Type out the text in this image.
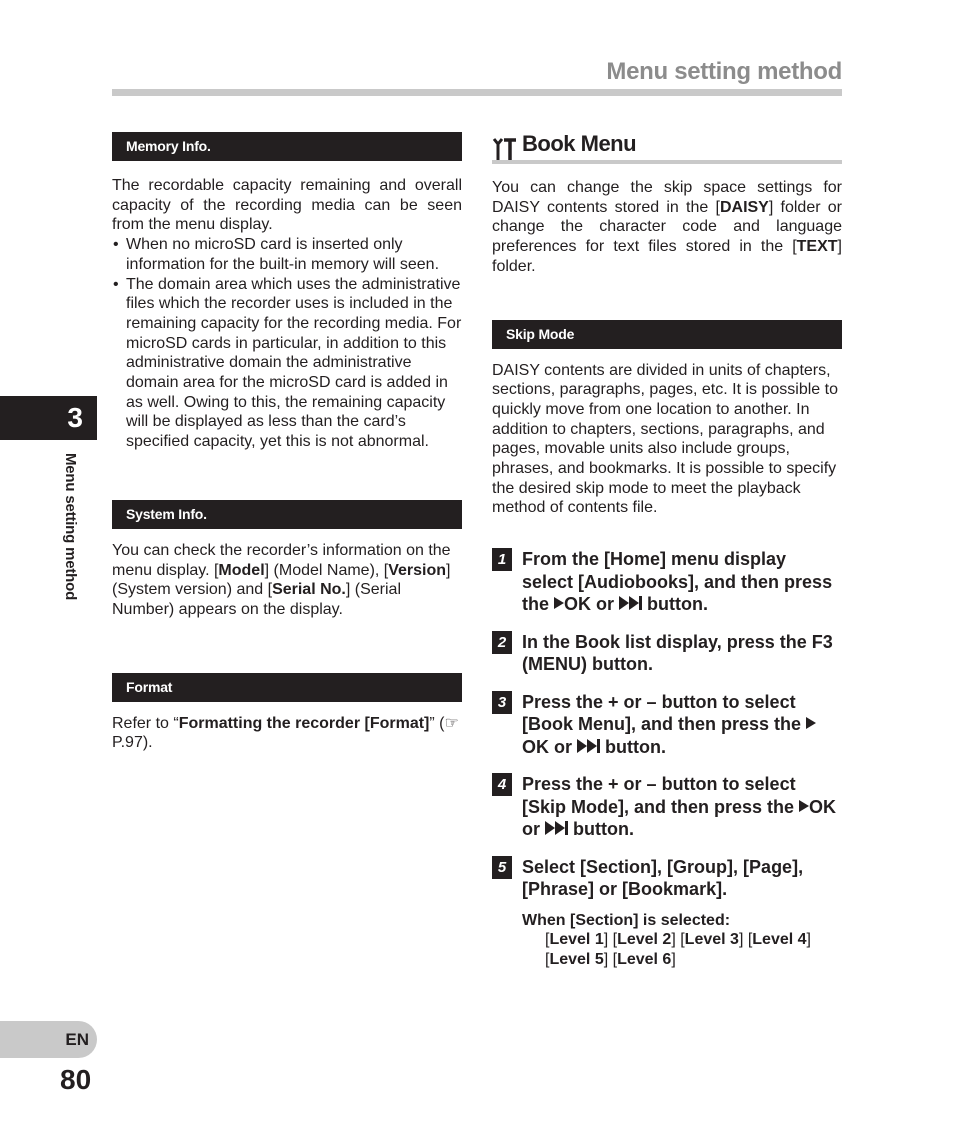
Menu setting method
Memory Info.

The recordable capacity remaining and overall capacity of the recording media can be seen from the menu display.

• When no microSD card is inserted only information for the built-in memory will seen.
• The domain area which uses the administrative files which the recorder uses is included in the remaining capacity for the recording media. For microSD cards in particular, in addition to this administrative domain the administrative domain area for the microSD card is added in as well. Owing to this, the remaining capacity will be displayed as less than the card’s specified capacity, yet this is not abnormal.
System Info.

You can check the recorder’s information on the menu display. [Model] (Model Name), [Version] (System version) and [Serial No.] (Serial Number) appears on the display.

Format

Refer to “Formatting the recorder [Format]” (☞ P.97).

Book Menu

You can change the skip space settings for DAISY contents stored in the [DAISY] folder or change the character code and language preferences for text files stored in the [TEXT] folder.

Skip Mode

DAISY contents are divided in units of chapters, sections, paragraphs, pages, etc. It is possible to quickly move from one location to another. In addition to chapters, sections, paragraphs, and pages, movable units also include groups, phrases, and bookmarks. It is possible to specify the desired skip mode to meet the playback method of contents file.

1 From the [Home] menu display select [Audiobooks], and then press the OK or
button.
2 In the Book list display, press the F3 (MENU) button.
3 Press the + or – button to select [Book Menu], and then press the OK or
button.
4 Press the + or – button to select [Skip Mode], and then press the OK or
button.
5 Select [Section], [Group], [Page], [Phrase] or [Bookmark].
When [Section] is selected:
[Level 1] [Level 2] [Level 3] [Level 4]
[Level 5] [Level 6]
3
Menu setting method
EN
80
